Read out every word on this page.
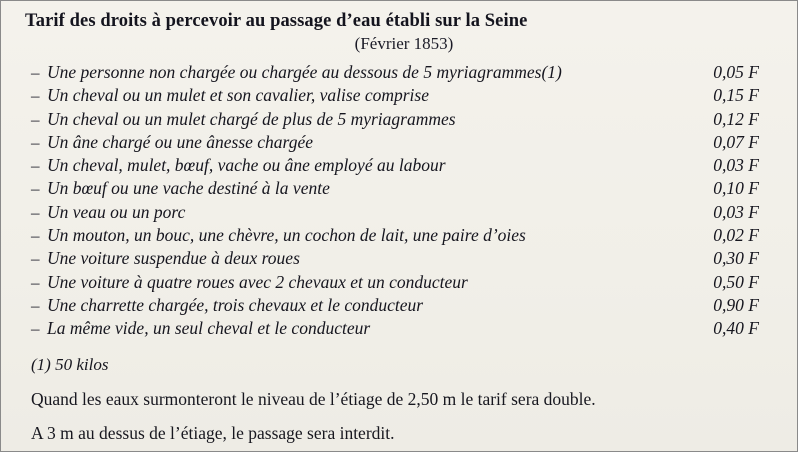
Tarif des droits à percevoir au passage d’eau établi sur la Seine
(Février 1853)
– Une personne non chargée ou chargée au dessous de 5 myriagrammes(1)	0,05 F
– Un cheval ou un mulet et son cavalier, valise comprise	0,15 F
– Un cheval ou un mulet chargé de plus de 5 myriagrammes	0,12 F
– Un âne chargé ou une ânesse chargée	0,07 F
– Un cheval, mulet, bœuf, vache ou âne employé au labour	0,03 F
– Un bœuf ou une vache destiné à la vente	0,10 F
– Un veau ou un porc	0,03 F
– Un mouton, un bouc, une chèvre, un cochon de lait, une paire d’oies	0,02 F
– Une voiture suspendue à deux roues	0,30 F
– Une voiture à quatre roues avec 2 chevaux et un conducteur	0,50 F
– Une charrette chargée, trois chevaux et le conducteur	0,90 F
– La même vide, un seul cheval et le conducteur	0,40 F
(1) 50 kilos
Quand les eaux surmonteront le niveau de l’étiage de 2,50 m le tarif sera double.
A 3 m au dessus de l’étiage, le passage sera interdit.
